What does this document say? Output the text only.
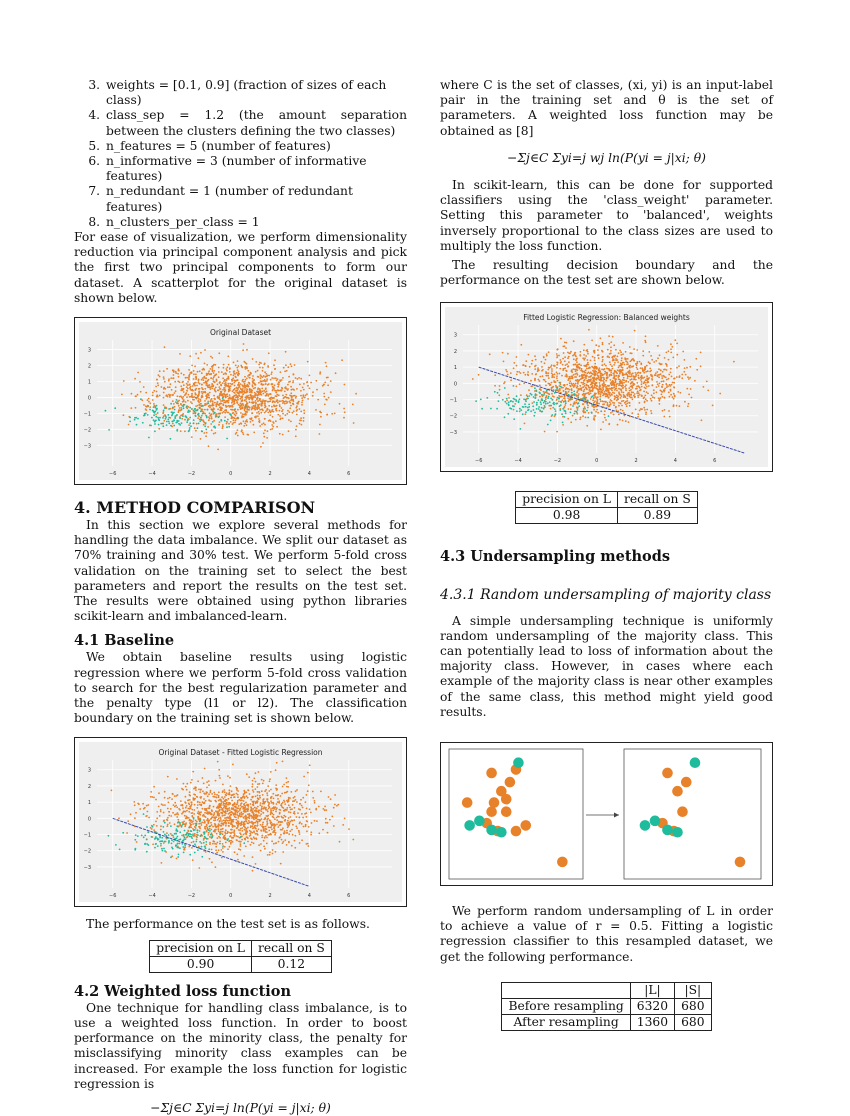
3. weights = [0.1, 0.9] (fraction of sizes of each class)
4. class_sep = 1.2 (the amount separation between the clusters defining the two classes)
5. n_features = 5 (number of features)
6. n_informative = 3 (number of informative features)
7. n_redundant = 1 (number of redundant features)
8. n_clusters_per_class = 1

For ease of visualization, we perform dimensionality reduction via principal component analysis and pick the first two principal components to form our dataset. A scatterplot for the original dataset is shown below.

Original Dataset
−6	−4	−2	0	2	4	6
−3
−2
−1
0
1
2
3
4. METHOD COMPARISON

In this section we explore several methods for handling the data imbalance. We split our dataset as 70% training and 30% test. We perform 5-fold cross validation on the training set to select the best parameters and report the results on the test set. The results were obtained using python libraries scikit-learn and imbalanced-learn.

4.1 Baseline

We obtain baseline results using logistic regression where we perform 5-fold cross validation to search for the best regularization parameter and the penalty type (l1 or l2). The classification boundary on the training set is shown below.

Original Dataset - Fitted Logistic Regression
−6	−4	−2	0	2	4	6
−3
−2
−1
0
1
2
3

The performance on the test set is as follows.

precision on L	recall on S
0.90	0.12
4.2 Weighted loss function

One technique for handling class imbalance, is to use a weighted loss function. In order to boost performance on the minority class, the penalty for misclassifying minority class examples can be increased. For example the loss function for logistic regression is

−Σj∈C Σyi=j ln(P(yi = j|xi; θ)

where C is the set of classes, (xi, yi) is an input-label pair in the training set and θ is the set of parameters. A weighted loss function may be obtained as [8]

−Σj∈C Σyi=j wj ln(P(yi = j|xi; θ)

In scikit-learn, this can be done for supported classifiers using the 'class_weight' parameter. Setting this parameter to 'balanced', weights inversely proportional to the class sizes are used to multiply the loss function.

The resulting decision boundary and the performance on the test set are shown below.

Fitted Logistic Regression: Balanced weights
−6	−4	−2	0	2	4	6
−3
−2
−1
0
1
2
3
precision on L	recall on S
0.98	0.89
4.3 Undersampling methods
4.3.1 Random undersampling of majority class

A simple undersampling technique is uniformly random undersampling of the majority class. This can potentially lead to loss of information about the majority class. However, in cases where each example of the majority class is near other examples of the same class, this method might yield good results.

We perform random undersampling of L in order to achieve a value of r = 0.5. Fitting a logistic regression classifier to this resampled dataset, we get the following performance.

	|L|	|S|
Before resampling	6320	680
After resampling	1360	680
